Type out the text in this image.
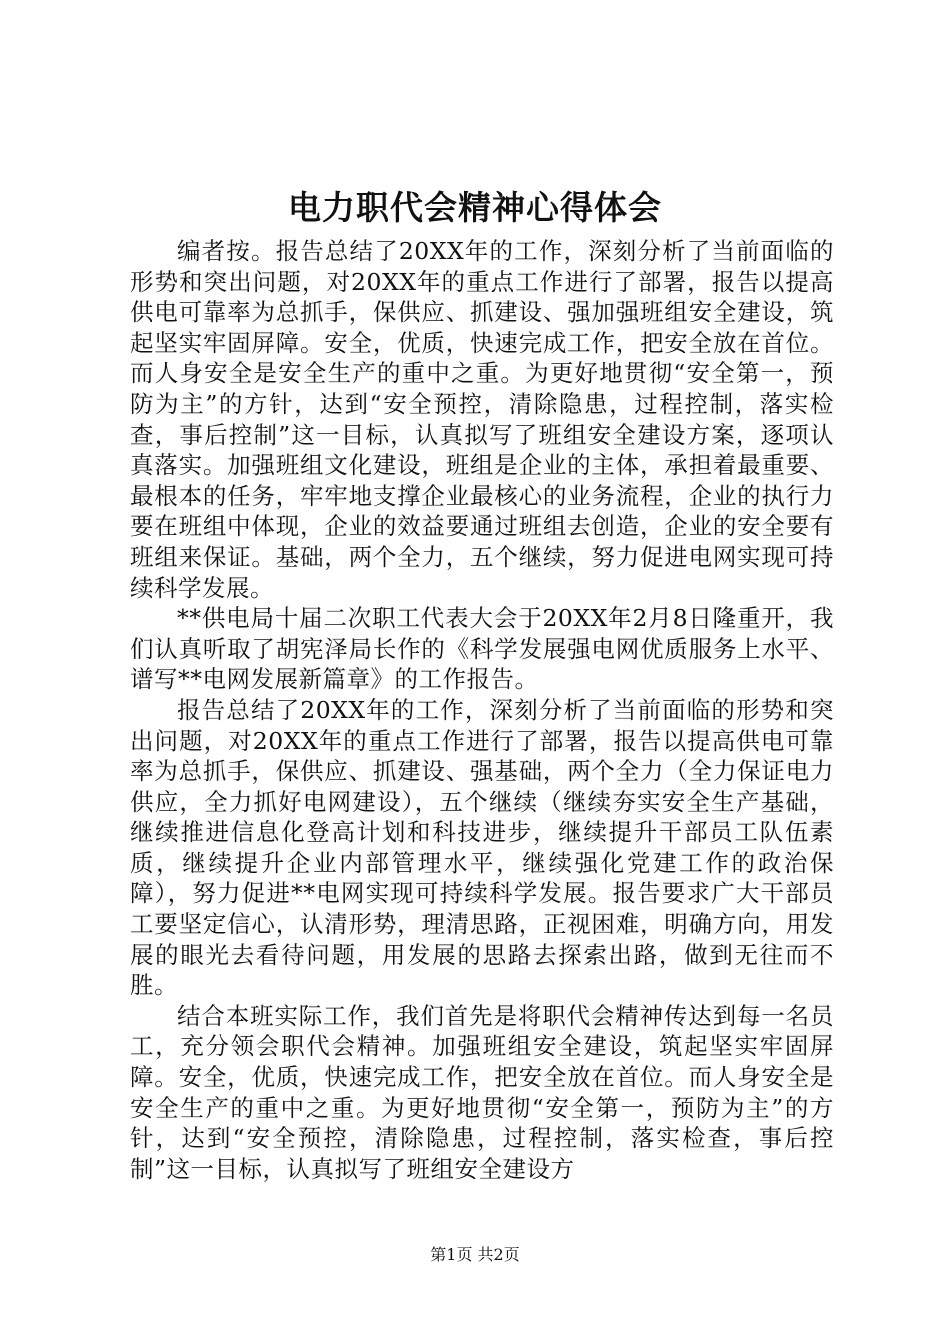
电力职代会精神心得体会

编者按。报告总结了20XX年的工作，深刻分析了当前面临的形势和突出问题，对20XX年的重点工作进行了部署，报告以提高供电可靠率为总抓手，保供应、抓建设、强加强班组安全建设，筑起坚实牢固屏障。安全，优质，快速完成工作，把安全放在首位。而人身安全是安全生产的重中之重。为更好地贯彻“安全第一，预防为主”的方针，达到“安全预控，清除隐患，过程控制，落实检查，事后控制”这一目标，认真拟写了班组安全建设方案，逐项认真落实。加强班组文化建设，班组是企业的主体，承担着最重要、最根本的任务，牢牢地支撑企业最核心的业务流程，企业的执行力要在班组中体现，企业的效益要通过班组去创造，企业的安全要有班组来保证。基础，两个全力，五个继续，努力促进电网实现可持续科学发展。

**供电局十届二次职工代表大会于20XX年2月8日隆重开，我们认真听取了胡宪泽局长作的《科学发展强电网优质服务上水平、谱写**电网发展新篇章》的工作报告。

报告总结了20XX年的工作，深刻分析了当前面临的形势和突出问题，对20XX年的重点工作进行了部署，报告以提高供电可靠率为总抓手，保供应、抓建设、强基础，两个全力（全力保证电力供应，全力抓好电网建设），五个继续（继续夯实安全生产基础，继续推进信息化登高计划和科技进步，继续提升干部员工队伍素质，继续提升企业内部管理水平，继续强化党建工作的政治保障），努力促进**电网实现可持续科学发展。报告要求广大干部员工要坚定信心，认清形势，理清思路，正视困难，明确方向，用发展的眼光去看待问题，用发展的思路去探索出路，做到无往而不胜。

结合本班实际工作，我们首先是将职代会精神传达到每一名员工，充分领会职代会精神。加强班组安全建设，筑起坚实牢固屏障。安全，优质，快速完成工作，把安全放在首位。而人身安全是安全生产的重中之重。为更好地贯彻“安全第一，预防为主”的方针，达到“安全预控，清除隐患，过程控制，落实检查，事后控制”这一目标，认真拟写了班组安全建设方

第1页 共2页
